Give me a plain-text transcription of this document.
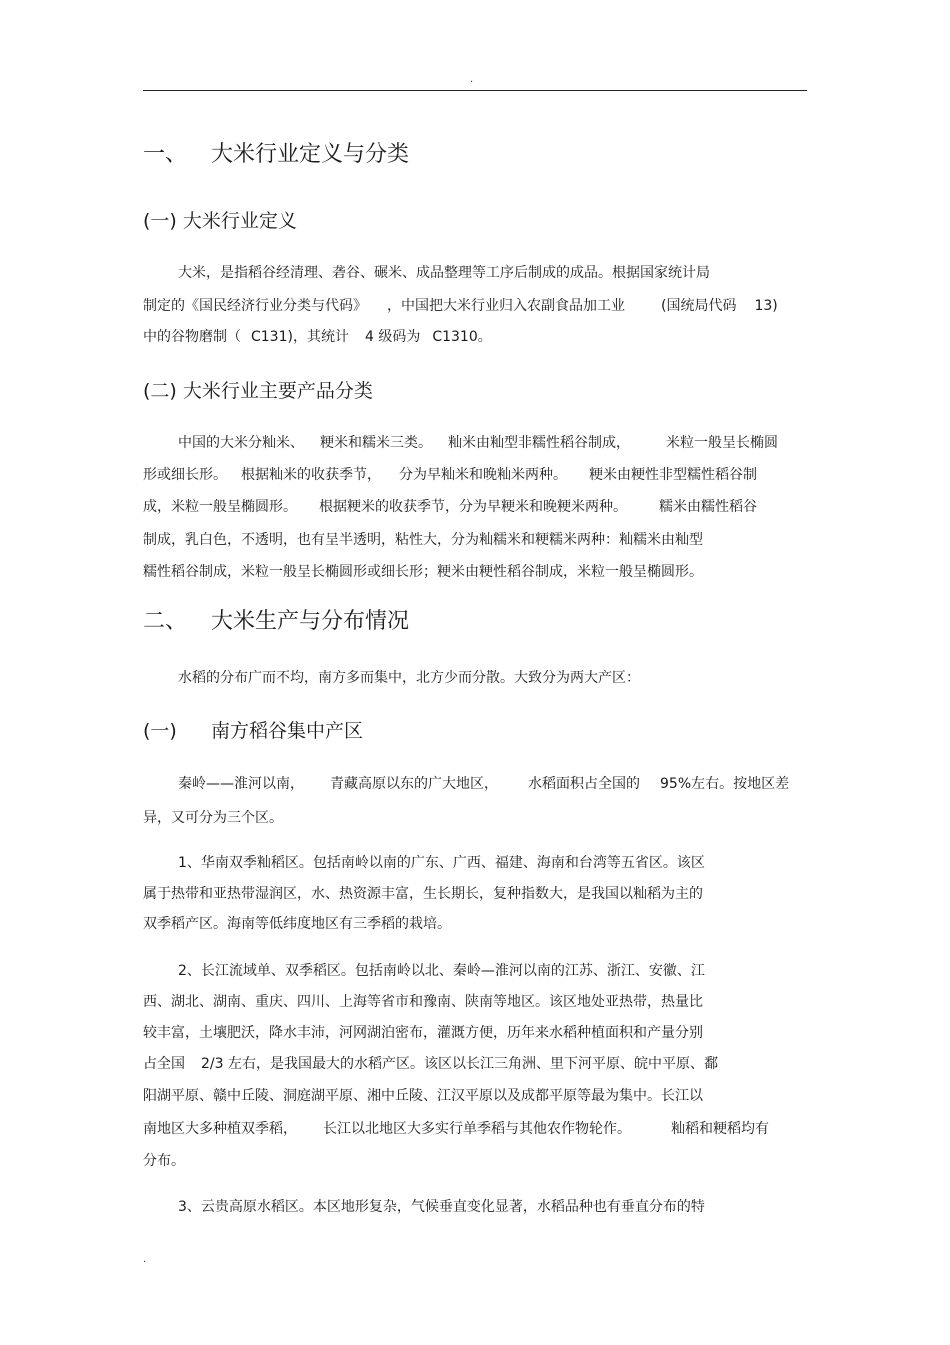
.
一、 大米行业定义与分类
(一) 大米行业定义
大米，是指稻谷经清理、砻谷、碾米、成品整理等工序后制成的成品。根据国家统计局
制定的《国民经济行业分类与代码》 ，中国把大米行业归入农副食品加工业	(国统局代码 13)
中的谷物磨制（ C131)，其统计 4 级码为 C1310。
(二) 大米行业主要产品分类
中国的大米分籼米、 粳米和糯米三类。 籼米由籼型非糯性稻谷制成，	米粒一般呈长椭圆
形或细长形。 根据籼米的收获季节， 分为早籼米和晚籼米两种。 粳米由粳性非型糯性稻谷制
成，米粒一般呈椭圆形。 根据粳米的收获季节，分为早粳米和晚粳米两种。 糯米由糯性稻谷
制成，乳白色，不透明，也有呈半透明，粘性大，分为籼糯米和粳糯米两种：籼糯米由籼型
糯性稻谷制成，米粒一般呈长椭圆形或细长形；粳米由粳性稻谷制成，米粒一般呈椭圆形。
二、 大米生产与分布情况
水稻的分布广而不均，南方多而集中，北方少而分散。大致分为两大产区：
(一) 南方稻谷集中产区
秦岭——淮河以南， 青藏高原以东的广大地区， 水稻面积占全国的 95%左右。按地区差
异，又可分为三个区。
1、华南双季籼稻区。包括南岭以南的广东、广西、福建、海南和台湾等五省区。该区
属于热带和亚热带湿润区，水、热资源丰富，生长期长，复种指数大，是我国以籼稻为主的
双季稻产区。海南等低纬度地区有三季稻的栽培。
2、长江流域单、双季稻区。包括南岭以北、秦岭—淮河以南的江苏、浙江、安徽、江
西、湖北、湖南、重庆、四川、上海等省市和豫南、陕南等地区。该区地处亚热带，热量比
较丰富，土壤肥沃，降水丰沛，河网湖泊密布，灌溉方便，历年来水稻种植面积和产量分别
占全国 2/3 左右，是我国最大的水稻产区。该区以长江三角洲、里下河平原、皖中平原、鄱
阳湖平原、赣中丘陵、洞庭湖平原、湘中丘陵、江汉平原以及成都平原等最为集中。长江以
南地区大多种植双季稻， 长江以北地区大多实行单季稻与其他农作物轮作。	籼稻和粳稻均有
分布。
3、云贵高原水稻区。本区地形复杂，气候垂直变化显著，水稻品种也有垂直分布的特
.
